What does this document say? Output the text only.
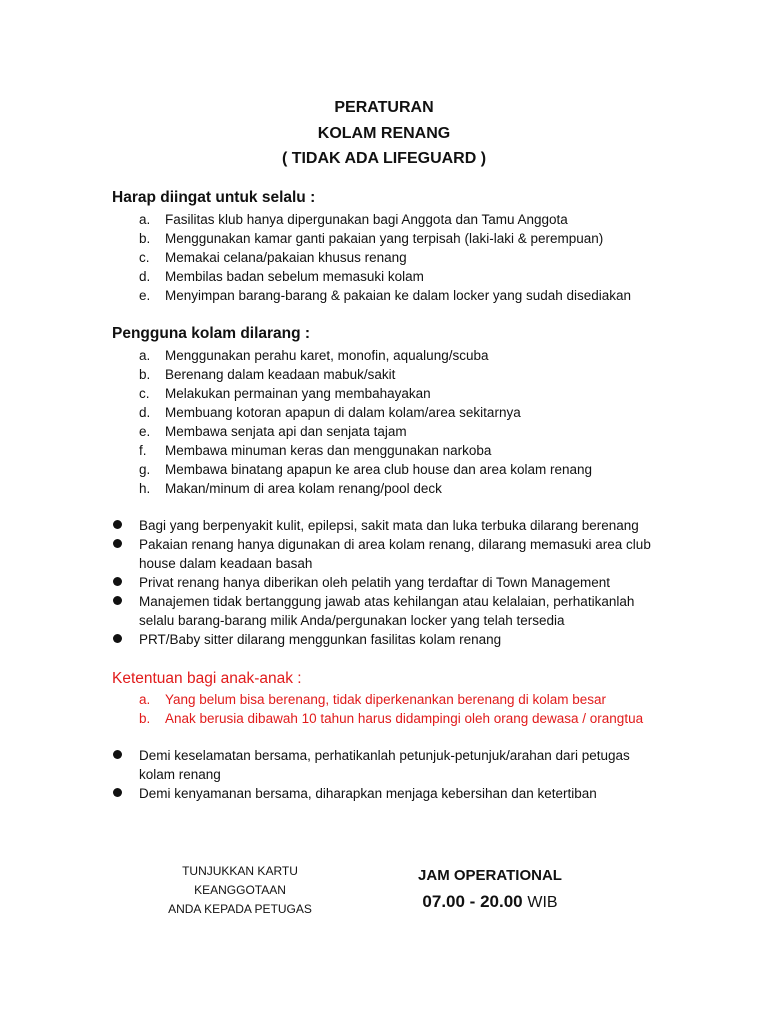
PERATURAN
KOLAM RENANG
( TIDAK ADA LIFEGUARD )
Harap diingat untuk selalu :
a. Fasilitas klub hanya dipergunakan bagi Anggota dan Tamu Anggota
b. Menggunakan kamar ganti pakaian yang terpisah (laki-laki & perempuan)
c. Memakai celana/pakaian khusus renang
d. Membilas badan sebelum memasuki kolam
e. Menyimpan barang-barang & pakaian ke dalam locker yang sudah disediakan
Pengguna kolam dilarang :
a. Menggunakan perahu karet, monofin, aqualung/scuba
b. Berenang dalam keadaan mabuk/sakit
c. Melakukan permainan yang membahayakan
d. Membuang kotoran apapun di dalam kolam/area sekitarnya
e. Membawa senjata api dan senjata tajam
f. Membawa minuman keras dan menggunakan narkoba
g. Membawa binatang apapun ke area club house dan area kolam renang
h. Makan/minum di area kolam renang/pool deck
Bagi yang berpenyakit kulit, epilepsi, sakit mata dan luka terbuka dilarang berenang
Pakaian renang hanya digunakan di area kolam renang, dilarang memasuki area club house dalam keadaan basah
Privat renang hanya diberikan oleh pelatih yang terdaftar di Town Management
Manajemen tidak bertanggung jawab atas kehilangan atau kelalaian, perhatikanlah selalu barang-barang milik Anda/pergunakan locker yang telah tersedia
PRT/Baby sitter dilarang menggunkan fasilitas kolam renang
Ketentuan bagi anak-anak :
a. Yang belum bisa berenang, tidak diperkenankan berenang di kolam besar
b. Anak berusia dibawah 10 tahun harus didampingi oleh orang dewasa / orangtua
Demi keselamatan bersama, perhatikanlah petunjuk-petunjuk/arahan dari petugas kolam renang
Demi kenyamanan bersama, diharapkan menjaga kebersihan dan ketertiban
TUNJUKKAN KARTU
KEANGGOTAAN
ANDA KEPADA PETUGAS
JAM OPERATIONAL
07.00 - 20.00 WIB
